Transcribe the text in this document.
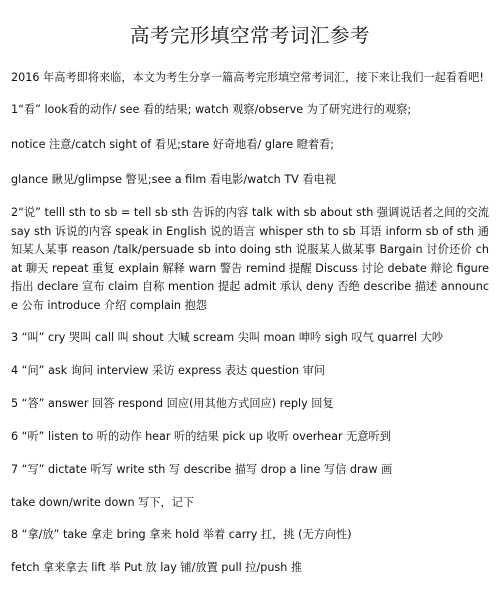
高考完形填空常考词汇参考

2016 年高考即将来临，本文为考生分享一篇高考完形填空常考词汇，接下来让我们一起看看吧!

1“看” look看的动作/ see 看的结果; watch 观察/observe 为了研究进行的观察;

notice 注意/catch sight of 看见;stare 好奇地看/ glare 瞪着看;

glance 瞅见/glimpse 瞥见;see a film 看电影/watch TV 看电视

2“说” telll sth to sb = tell sb sth 告诉的内容 talk with sb about sth 强调说话者之间的交流 say sth 诉说的内容 speak in English 说的语言 whisper sth to sb 耳语 inform sb of sth 通知某人某事 reason /talk/persuade sb into doing sth 说服某人做某事 Bargain 讨价还价 chat 聊天 repeat 重复 explain 解释 warn 警告 remind 提醒 Discuss 讨论 debate 辩论 figure 指出 declare 宣布 claim 自称 mention 提起 admit 承认 deny 否绝 describe 描述 announce 公布 introduce 介绍 complain 抱怨

3 “叫” cry 哭叫 call 叫 shout 大喊 scream 尖叫 moan 呻吟 sigh 叹气 quarrel 大吵

4 “问” ask 询问 interview 采访 express 表达 question 审问

5 “答” answer 回答 respond 回应(用其他方式回应) reply 回复

6 “听” listen to 听的动作 hear 听的结果 pick up 收听 overhear 无意听到

7 “写” dictate 听写 write sth 写 describe 描写 drop a line 写信 draw 画

take down/write down 写下，记下

8 “拿/放” take 拿走 bring 拿来 hold 举着 carry 扛，挑 (无方向性)

fetch 拿来拿去 lift 举 Put 放 lay 铺/放置 pull 拉/push 推
